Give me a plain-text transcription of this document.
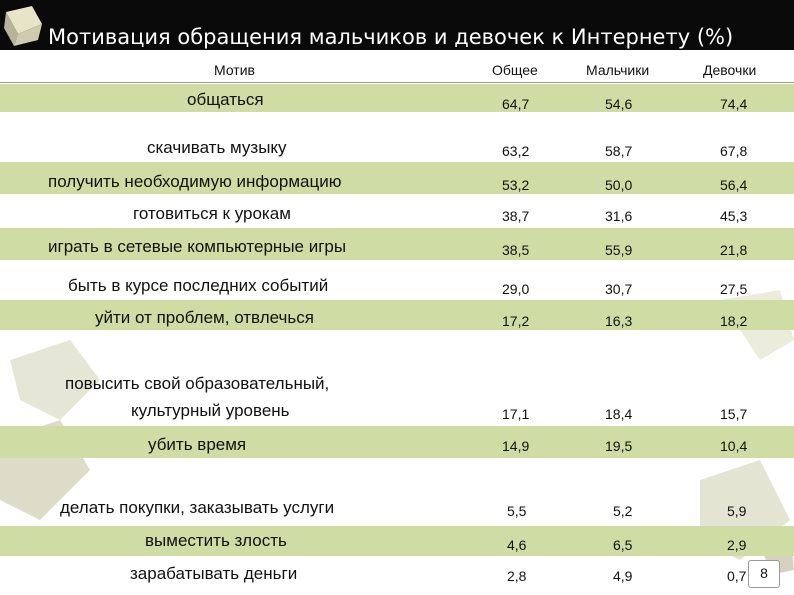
Мотивация обращения мальчиков и девочек к Интернету (%)
Мотив	Общее	Мальчики	Девочки
общаться	64,7	54,6	74,4
скачивать музыку	63,2	58,7	67,8
получить необходимую информацию	53,2	50,0	56,4
готовиться к урокам	38,7	31,6	45,3
играть в сетевые компьютерные игры	38,5	55,9	21,8
быть в курсе последних событий	29,0	30,7	27,5
уйти от проблем, отвлечься	17,2	16,3	18,2
повысить свой образовательный,
культурный уровень	17,1	18,4	15,7
убить время	14,9	19,5	10,4
делать покупки, заказывать услуги	5,5	5,2	5,9
выместить злость	4,6	6,5	2,9
зарабатывать деньги	2,8	4,9	0,7 8
